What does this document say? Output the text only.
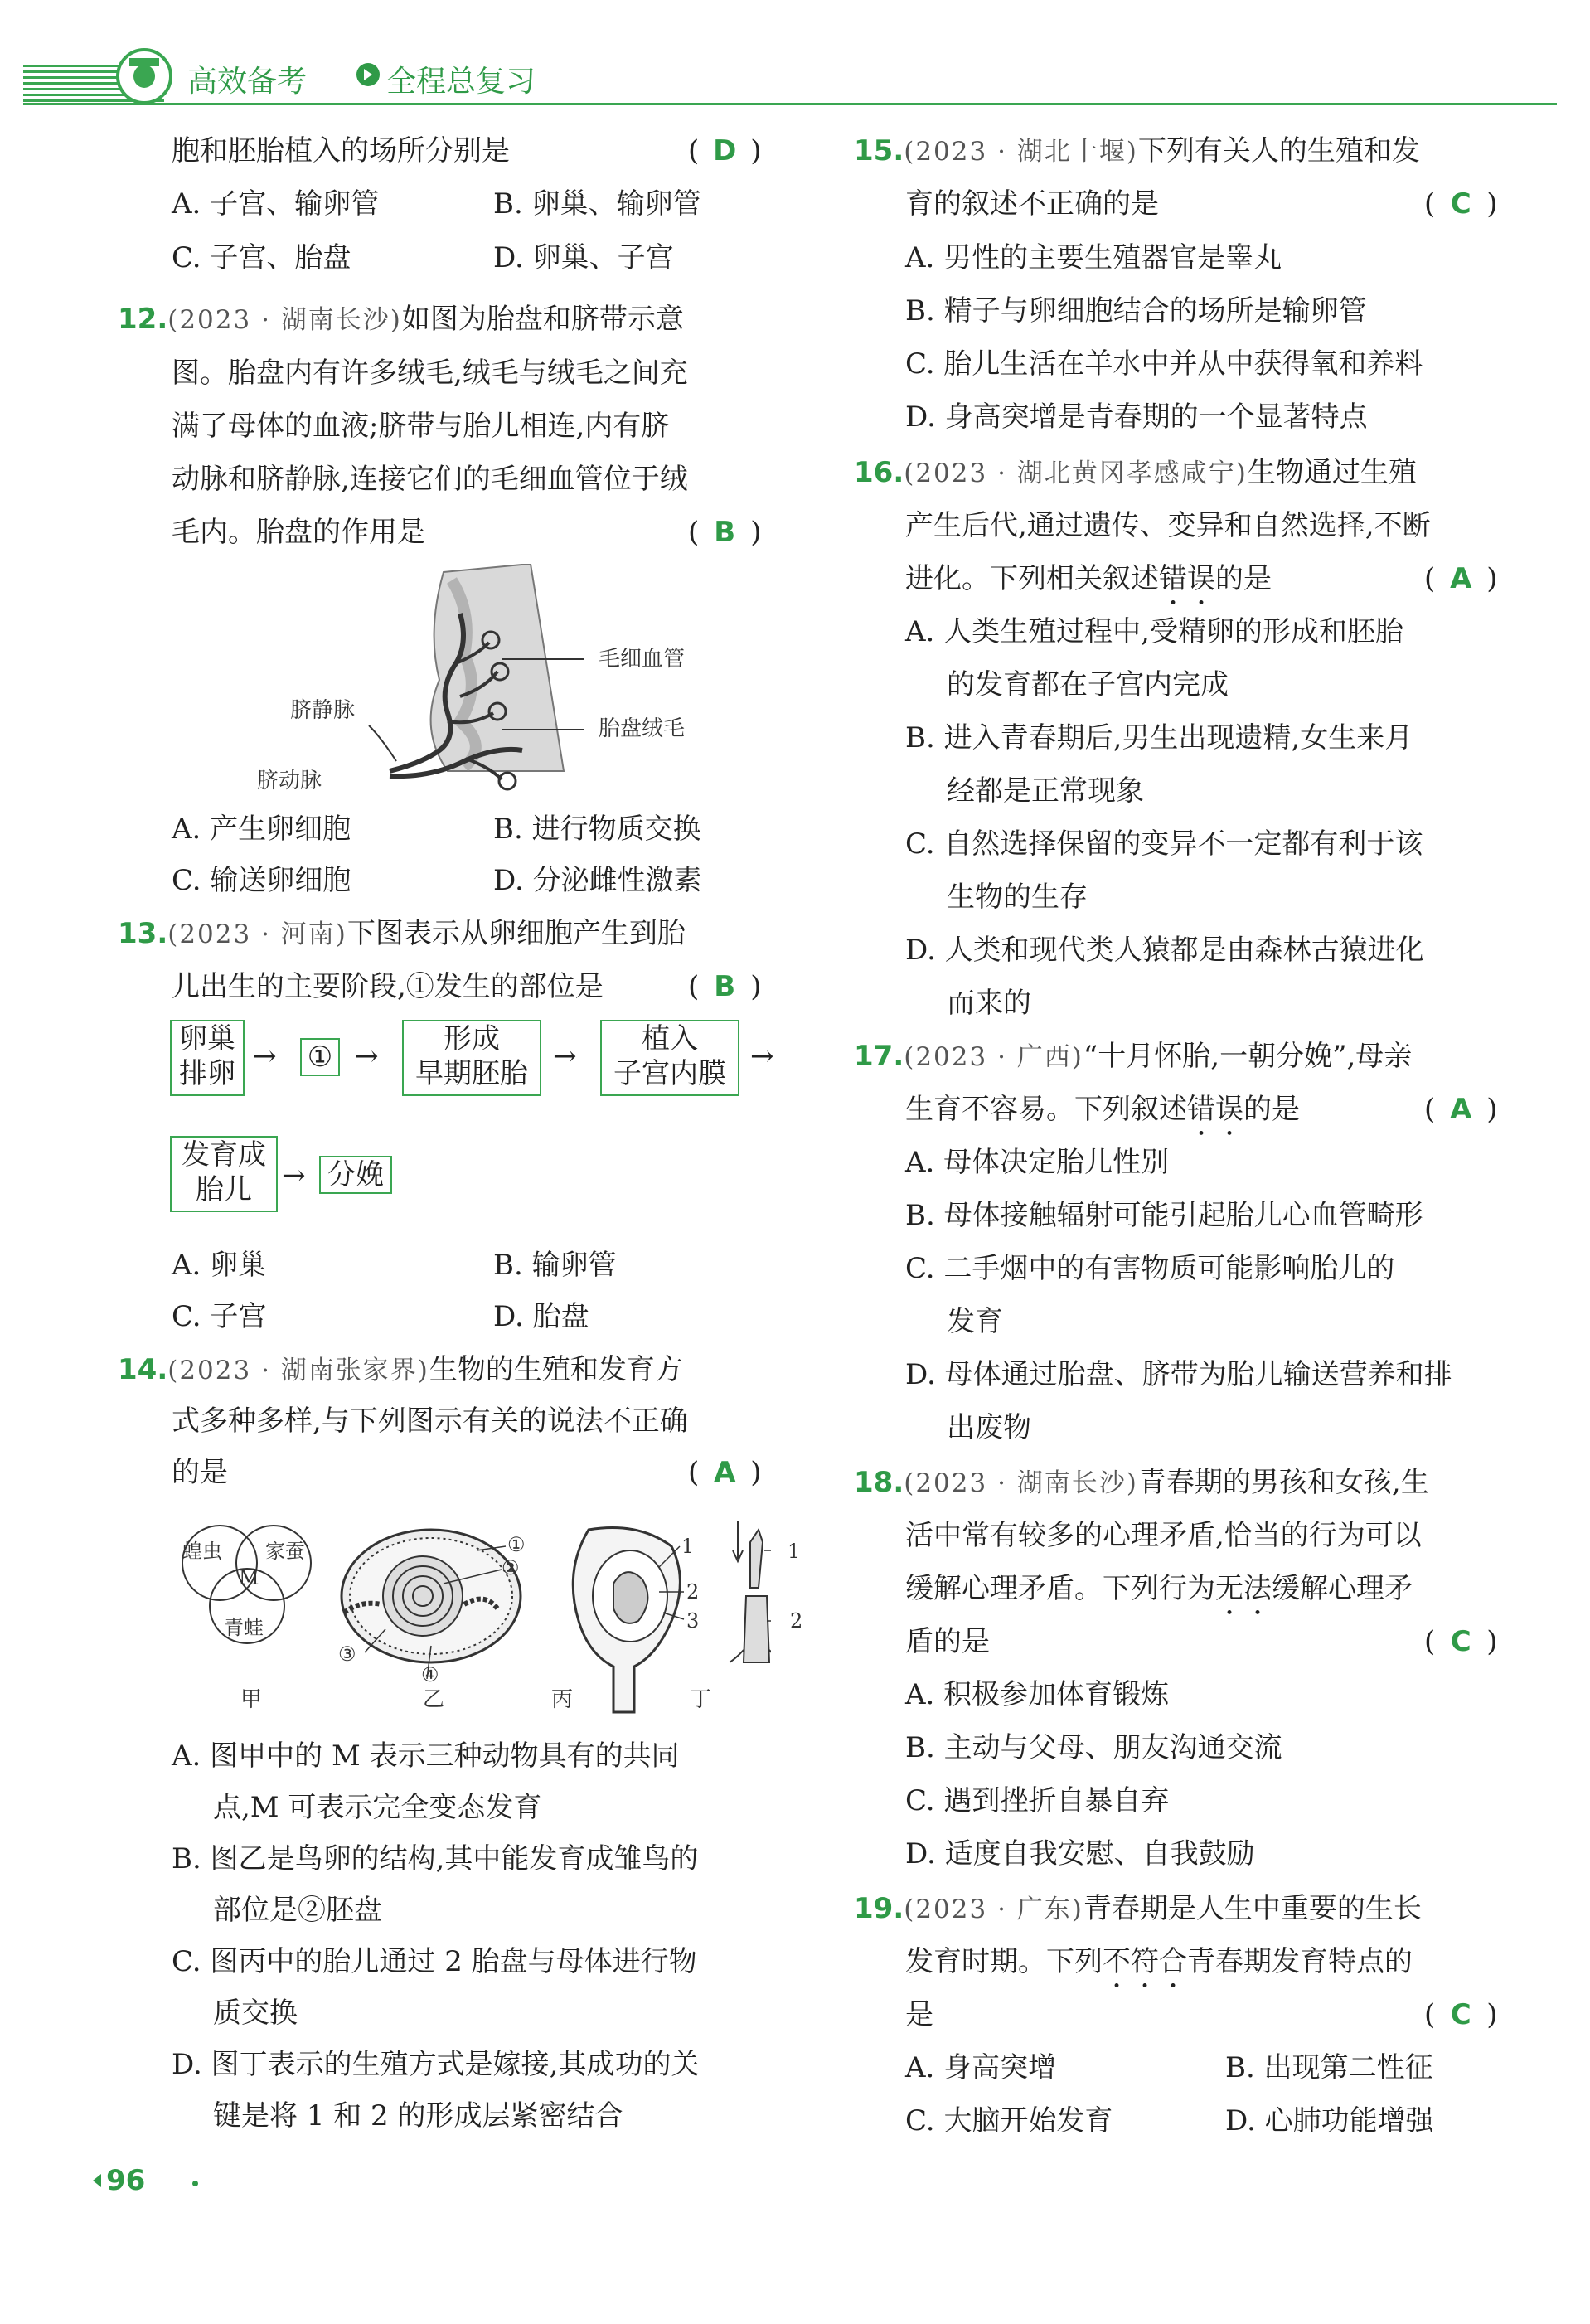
高效备考	全程总复习
胞和胚胎植入的场所分别是	( D )
A. 子宫、输卵管	B. 卵巢、输卵管
C. 子宫、胎盘	D. 卵巢、子宫
12.(2023 · 湖南长沙)如图为胎盘和脐带示意
图。胎盘内有许多绒毛,绒毛与绒毛之间充
满了母体的血液;脐带与胎儿相连,内有脐
动脉和脐静脉,连接它们的毛细血管位于绒
毛内。胎盘的作用是	( B )
毛细血管
脐静脉
胎盘绒毛
脐动脉
A. 产生卵细胞	B. 进行物质交换
C. 输送卵细胞	D. 分泌雌性激素
13.(2023 · 河南)下图表示从卵细胞产生到胎
儿出生的主要阶段,①发生的部位是	( B )
卵巢
排卵
→ ① →
形成
早期胚胎
→
植入
子宫内膜
→
发育成
胎儿	→ 分娩
A. 卵巢	B. 输卵管
C. 子宫	D. 胎盘
14.(2023 · 湖南张家界)生物的生殖和发育方
式多种多样,与下列图示有关的说法不正确
的是	( A )
蝗虫 家蚕
M
青蛙
①
②
③
④
1
2
3
1
2
甲	乙	丙	丁
A. 图甲中的 M 表示三种动物具有的共同
点,M 可表示完全变态发育
B. 图乙是鸟卵的结构,其中能发育成雏鸟的
部位是②胚盘
C. 图丙中的胎儿通过 2 胎盘与母体进行物
质交换
D. 图丁表示的生殖方式是嫁接,其成功的关
键是将 1 和 2 的形成层紧密结合
15.(2023 · 湖北十堰)下列有关人的生殖和发
育的叙述不正确的是	( C )
A. 男性的主要生殖器官是睾丸
B. 精子与卵细胞结合的场所是输卵管
C. 胎儿生活在羊水中并从中获得氧和养料
D. 身高突增是青春期的一个显著特点
16.(2023 · 湖北黄冈孝感咸宁)生物通过生殖
产生后代,通过遗传、变异和自然选择,不断
进化。下列相关叙述错误的是	( A )
A. 人类生殖过程中,受精卵的形成和胚胎
的发育都在子宫内完成
B. 进入青春期后,男生出现遗精,女生来月
经都是正常现象
C. 自然选择保留的变异不一定都有利于该
生物的生存
D. 人类和现代类人猿都是由森林古猿进化
而来的
17.(2023 · 广西)“十月怀胎,一朝分娩”,母亲
生育不容易。下列叙述错误的是	( A )
A. 母体决定胎儿性别
B. 母体接触辐射可能引起胎儿心血管畸形
C. 二手烟中的有害物质可能影响胎儿的
发育
D. 母体通过胎盘、脐带为胎儿输送营养和排
出废物
18.(2023 · 湖南长沙)青春期的男孩和女孩,生
活中常有较多的心理矛盾,恰当的行为可以
缓解心理矛盾。下列行为无法缓解心理矛
盾的是	( C )
A. 积极参加体育锻炼
B. 主动与父母、朋友沟通交流
C. 遇到挫折自暴自弃
D. 适度自我安慰、自我鼓励
19.(2023 · 广东)青春期是人生中重要的生长
发育时期。下列不符合青春期发育特点的
是	( C )
A. 身高突增	B. 出现第二性征
C. 大脑开始发育	D. 心肺功能增强
96
